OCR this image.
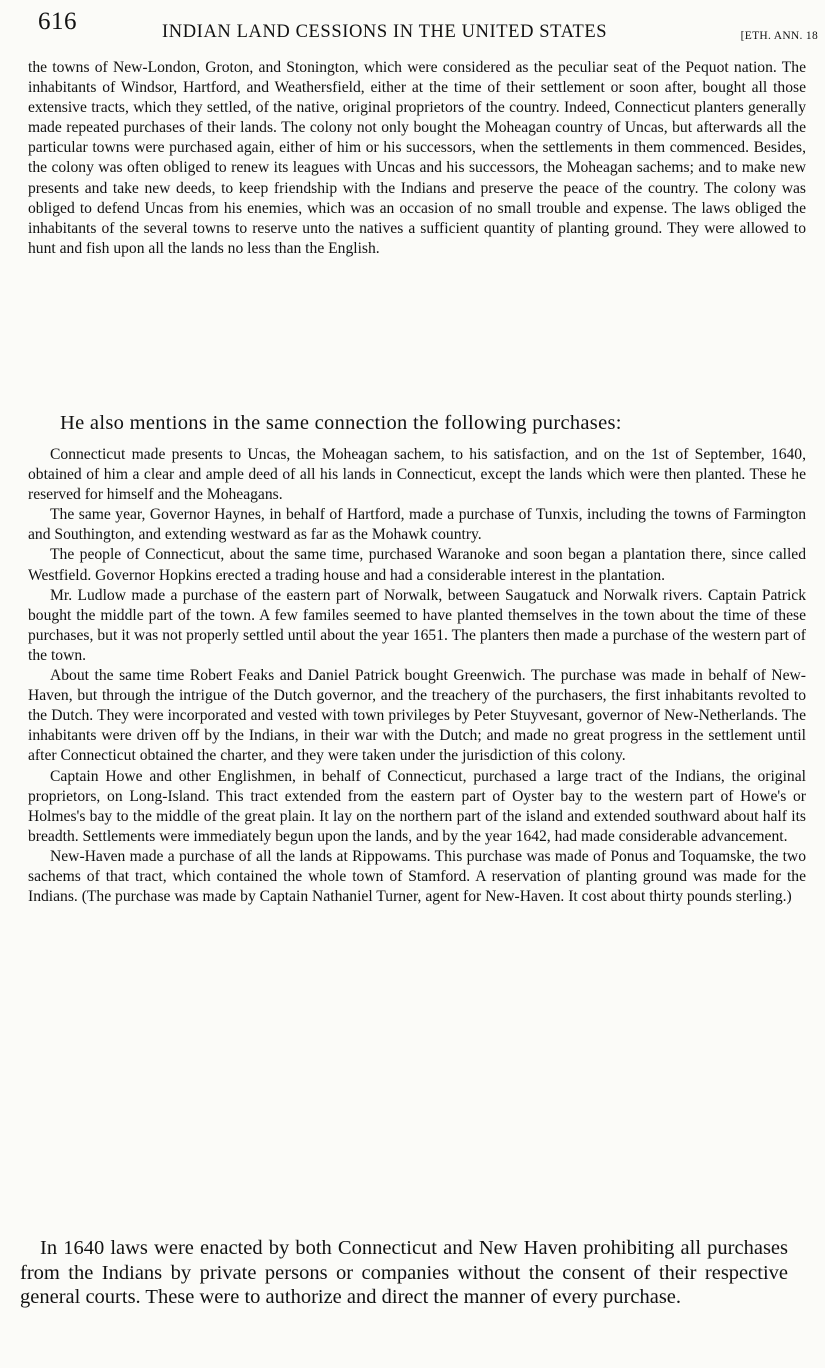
616	INDIAN LAND CESSIONS IN THE UNITED STATES	[ETH. ANN. 18

the towns of New-London, Groton, and Stonington, which were considered as the peculiar seat of the Pequot nation. The inhabitants of Windsor, Hartford, and Weathersfield, either at the time of their settlement or soon after, bought all those extensive tracts, which they settled, of the native, original proprietors of the country. Indeed, Connecticut planters generally made repeated purchases of their lands. The colony not only bought the Moheagan country of Uncas, but afterwards all the particular towns were purchased again, either of him or his successors, when the settlements in them commenced. Besides, the colony was often obliged to renew its leagues with Uncas and his successors, the Moheagan sachems; and to make new presents and take new deeds, to keep friendship with the Indians and preserve the peace of the country. The colony was obliged to defend Uncas from his enemies, which was an occasion of no small trouble and expense. The laws obliged the inhabitants of the several towns to reserve unto the natives a sufficient quantity of planting ground. They were allowed to hunt and fish upon all the lands no less than the English.

He also mentions in the same connection the following purchases:

Connecticut made presents to Uncas, the Moheagan sachem, to his satisfaction, and on the 1st of September, 1640, obtained of him a clear and ample deed of all his lands in Connecticut, except the lands which were then planted. These he reserved for himself and the Moheagans.

The same year, Governor Haynes, in behalf of Hartford, made a purchase of Tunxis, including the towns of Farmington and Southington, and extending westward as far as the Mohawk country.

The people of Connecticut, about the same time, purchased Waranoke and soon began a plantation there, since called Westfield. Governor Hopkins erected a trading house and had a considerable interest in the plantation.

Mr. Ludlow made a purchase of the eastern part of Norwalk, between Saugatuck and Norwalk rivers. Captain Patrick bought the middle part of the town. A few familes seemed to have planted themselves in the town about the time of these purchases, but it was not properly settled until about the year 1651. The planters then made a purchase of the western part of the town.

About the same time Robert Feaks and Daniel Patrick bought Greenwich. The purchase was made in behalf of New-Haven, but through the intrigue of the Dutch governor, and the treachery of the purchasers, the first inhabitants revolted to the Dutch. They were incorporated and vested with town privileges by Peter Stuyvesant, governor of New-Netherlands. The inhabitants were driven off by the Indians, in their war with the Dutch; and made no great progress in the settlement until after Connecticut obtained the charter, and they were taken under the jurisdiction of this colony.

Captain Howe and other Englishmen, in behalf of Connecticut, purchased a large tract of the Indians, the original proprietors, on Long-Island. This tract extended from the eastern part of Oyster bay to the western part of Howe's or Holmes's bay to the middle of the great plain. It lay on the northern part of the island and extended southward about half its breadth. Settlements were immediately begun upon the lands, and by the year 1642, had made considerable advancement.

New-Haven made a purchase of all the lands at Rippowams. This purchase was made of Ponus and Toquamske, the two sachems of that tract, which contained the whole town of Stamford. A reservation of planting ground was made for the Indians. (The purchase was made by Captain Nathaniel Turner, agent for New-Haven. It cost about thirty pounds sterling.)

In 1640 laws were enacted by both Connecticut and New Haven prohibiting all purchases from the Indians by private persons or companies without the consent of their respective general courts. These were to authorize and direct the manner of every purchase.
